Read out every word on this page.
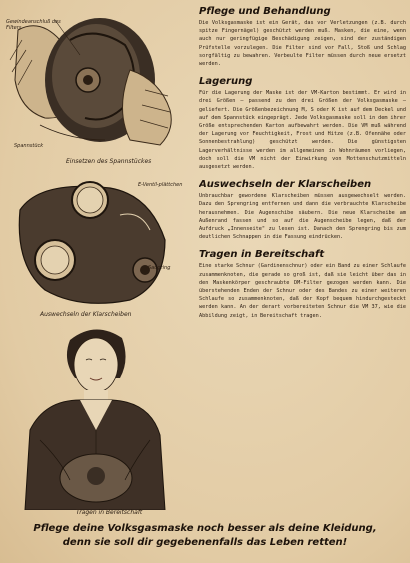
Gewindeanschluß des Filters
Spannstück
Einsetzen des Spannstückes
E-Ventil-plättchen
Saugring
Auswechseln der Klarscheiben
Tragen in Bereitschaft
Pflege und Behandlung

Die Volksgasmaske ist ein Gerät, das vor Verletzungen (z.B. durch spitze Fingernägel) geschützt werden muß. Masken, die eine, wenn auch nur geringfügige Beschädigung zeigen, sind der zuständigen Prüfstelle vorzulegen. Die Filter sind vor Fall, Stoß und Schlag sorgfältig zu bewahren. Verbeulte Filter müssen durch neue ersetzt werden.

Lagerung

Für die Lagerung der Maske ist der VM-Karton bestimmt. Er wird in drei Größen — passend zu den drei Größen der Volksgasmaske — geliefert. Die Größenbezeichnung M, S oder K ist auf dem Deckel und auf dem Spannstück eingeprägt. Jede Volksgasmaske soll in dem ihrer Größe entsprechenden Karton aufbewahrt werden. Die VM muß während der Lagerung vor Feuchtigkeit, Frost und Hitze (z.B. Ofennähe oder Sonnenbestrahlung) geschützt werden. Die günstigsten Lagerverhältnisse werden im allgemeinen in Wohnräumen vorliegen, doch soll die VM nicht der Einwirkung von Mottenschutzmitteln ausgesetzt werden.

Auswechseln der Klarscheiben

Unbrauchbar gewordene Klarscheiben müssen ausgewechselt werden. Dazu den Sprengring entfernen und dann die verbrauchte Klarscheibe herausnehmen. Die Augenschibe säubern. Die neue Klarscheibe am Außenrand fassen und so auf die Augenscheibe legen, daß der Aufdruck „Innenseite" zu lesen ist. Danach den Sprengring bis zum deutlichen Schnappen in die Fassung eindrücken.

Tragen in Bereitschaft

Eine starke Schnur (Gardinenschnur) oder ein Band zu einer Schlaufe zusammenknoten, die gerade so groß ist, daß sie leicht über das in den Maskenkörper geschraubte DM-Filter gezogen werden kann. Die überstehenden Enden der Schnur oder des Bandes zu einer weiteren Schlaufe so zusammenknoten, daß der Kopf bequem hindurchgesteckt werden kann. An der derart vorbereiteten Schnur die VM 37, wie die Abbildung zeigt, in Bereitschaft tragen.

Pflege deine Volksgasmaske noch besser als deine Kleidung,
denn sie soll dir gegebenenfalls das Leben retten!
